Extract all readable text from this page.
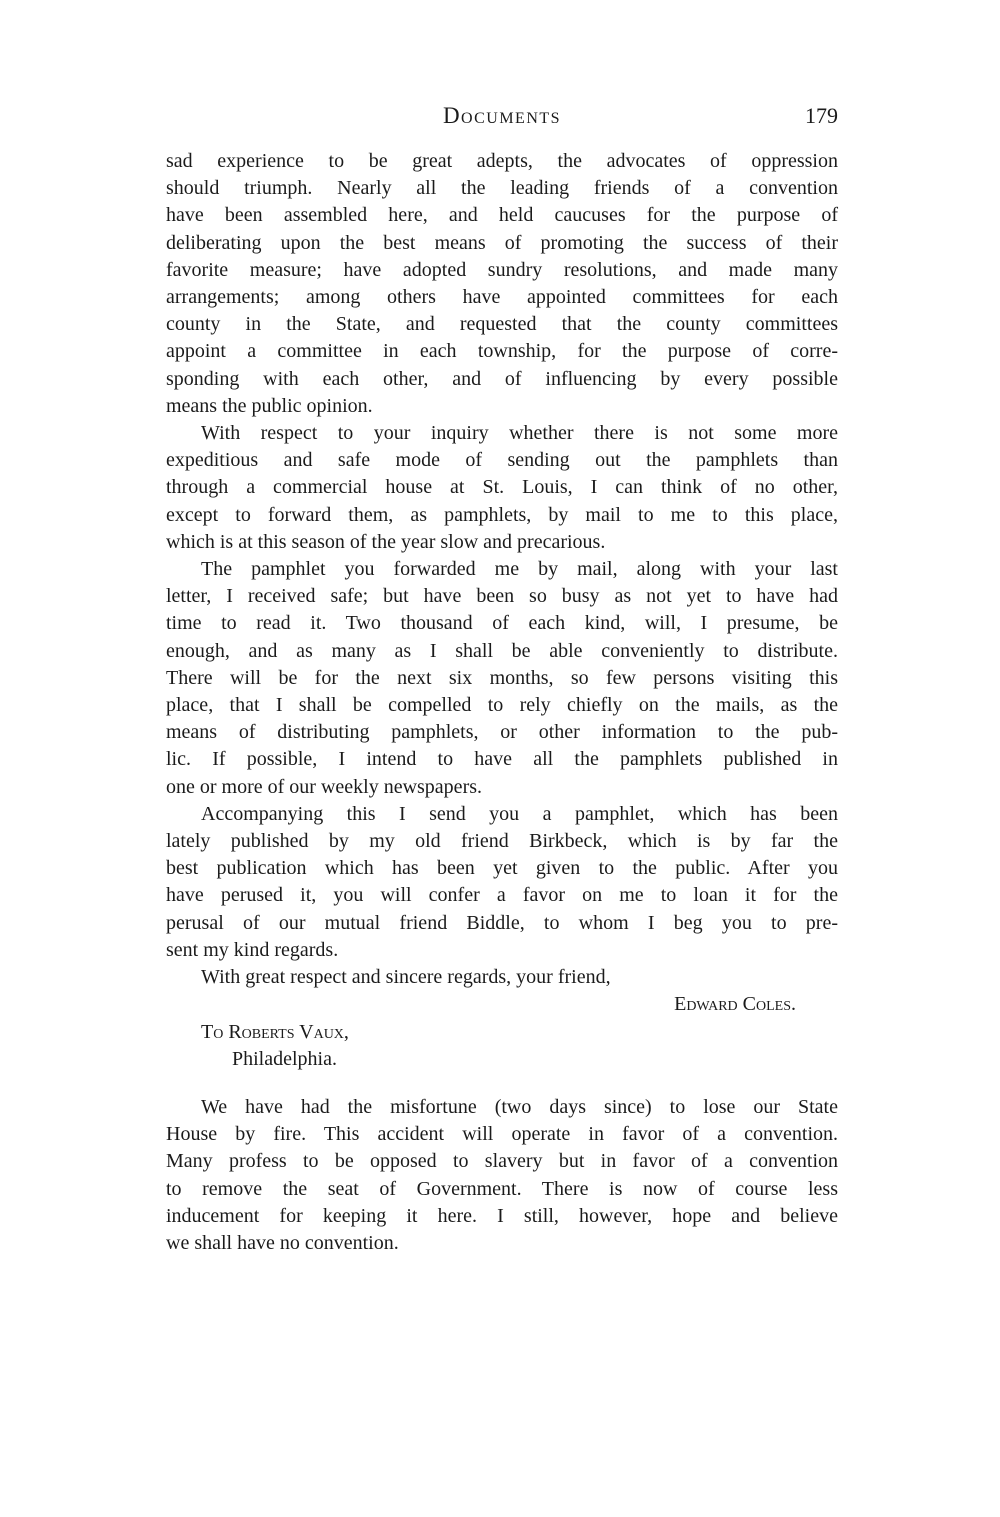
Documents	179
sad experience to be great adepts, the advocates of oppression
should triumph. Nearly all the leading friends of a convention
have been assembled here, and held caucuses for the purpose of
deliberating upon the best means of promoting the success of their
favorite measure; have adopted sundry resolutions, and made many
arrangements; among others have appointed committees for each
county in the State, and requested that the county committees
appoint a committee in each township, for the purpose of corre-
sponding with each other, and of influencing by every possible
means the public opinion.
With respect to your inquiry whether there is not some more
expeditious and safe mode of sending out the pamphlets than
through a commercial house at St. Louis, I can think of no other,
except to forward them, as pamphlets, by mail to me to this place,
which is at this season of the year slow and precarious.
The pamphlet you forwarded me by mail, along with your last
letter, I received safe; but have been so busy as not yet to have had
time to read it. Two thousand of each kind, will, I presume, be
enough, and as many as I shall be able conveniently to distribute.
There will be for the next six months, so few persons visiting this
place, that I shall be compelled to rely chiefly on the mails, as the
means of distributing pamphlets, or other information to the pub-
lic. If possible, I intend to have all the pamphlets published in
one or more of our weekly newspapers.
Accompanying this I send you a pamphlet, which has been
lately published by my old friend Birkbeck, which is by far the
best publication which has been yet given to the public. After you
have perused it, you will confer a favor on me to loan it for the
perusal of our mutual friend Biddle, to whom I beg you to pre-
sent my kind regards.
With great respect and sincere regards, your friend,
Edward Coles.
To Roberts Vaux,
Philadelphia.
We have had the misfortune (two days since) to lose our State
House by fire. This accident will operate in favor of a convention.
Many profess to be opposed to slavery but in favor of a convention
to remove the seat of Government. There is now of course less
inducement for keeping it here. I still, however, hope and believe
we shall have no convention.
